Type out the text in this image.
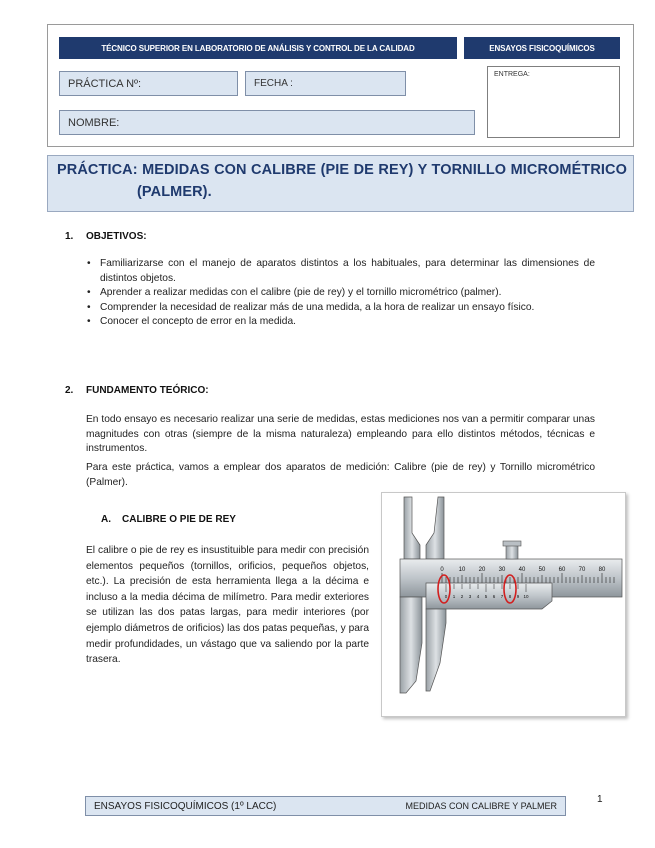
TÉCNICO SUPERIOR EN LABORATORIO DE ANÁLISIS Y CONTROL DE LA CALIDAD	ENSAYOS FISICOQUÍMICOS
PRÁCTICA Nº:	FECHA :
ENTREGA:
NOMBRE:
PRÁCTICA: MEDIDAS CON CALIBRE (PIE DE REY) Y TORNILLO MICROMÉTRICO
(PALMER).
1. OBJETIVOS:
• Familiarizarse con el manejo de aparatos distintos a los habituales, para determinar las dimensiones de distintos objetos.
• Aprender a realizar medidas con el calibre (pie de rey) y el tornillo micrométrico (palmer).
• Comprender la necesidad de realizar más de una medida, a la hora de realizar un ensayo físico.
• Conocer el concepto de error en la medida.
2. FUNDAMENTO TEÓRICO:
En todo ensayo es necesario realizar una serie de medidas, estas mediciones nos van a permitir comparar unas magnitudes con otras (siempre de la misma naturaleza) empleando para ello distintos métodos, técnicas e instrumentos.
Para este práctica, vamos a emplear dos aparatos de medición: Calibre (pie de rey) y Tornillo micrométrico (Palmer).
A. CALIBRE O PIE DE REY
El calibre o pie de rey es insustituible para medir con precisión elementos pequeños (tornillos, orificios, pequeños objetos, etc.). La precisión de esta herramienta llega a la décima e incluso a la media décima de milímetro. Para medir exteriores se utilizan las dos patas largas, para medir interiores (por ejemplo diámetros de orificios) las dos patas pequeñas, y para medir profundidades, un vástago que va saliendo por la parte trasera.
0 10 20 30 40 50 60 70 80
0 1 2 3 4 5 6 7 8 9 10
ENSAYOS FISICOQUÍMICOS (1º LACC)	MEDIDAS CON CALIBRE Y PALMER
1
